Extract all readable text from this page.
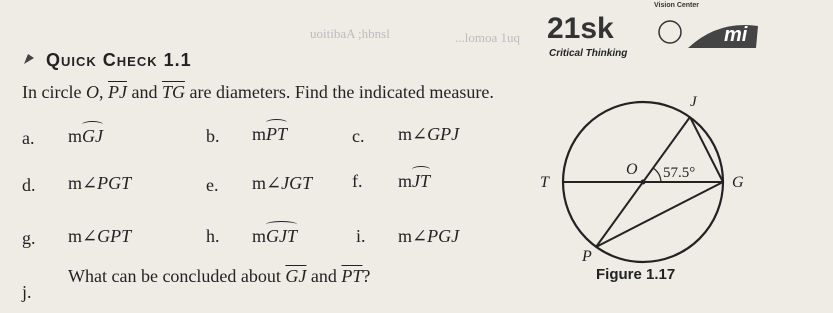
uoitibaA ;hbnsl	...lomoa 1uq 21sk
Critical Thinking
mi
Vision Center
Quick Check 1.1
In circle O, $\overline{PJ}$ and $\overline{TG}$ are diameters. Find the indicated measure.
a. mGJ	b. mPT	c. m∠GPJ
d. m∠PGT	e. m∠JGT f. mJT
g. m∠GPT	h. mGJT	i. m∠PGJ
j.
What can be concluded about $\overline{GJ}$ and $\overline{PT}$?
J
O 57.5°
G
T
P
Figure 1.17
